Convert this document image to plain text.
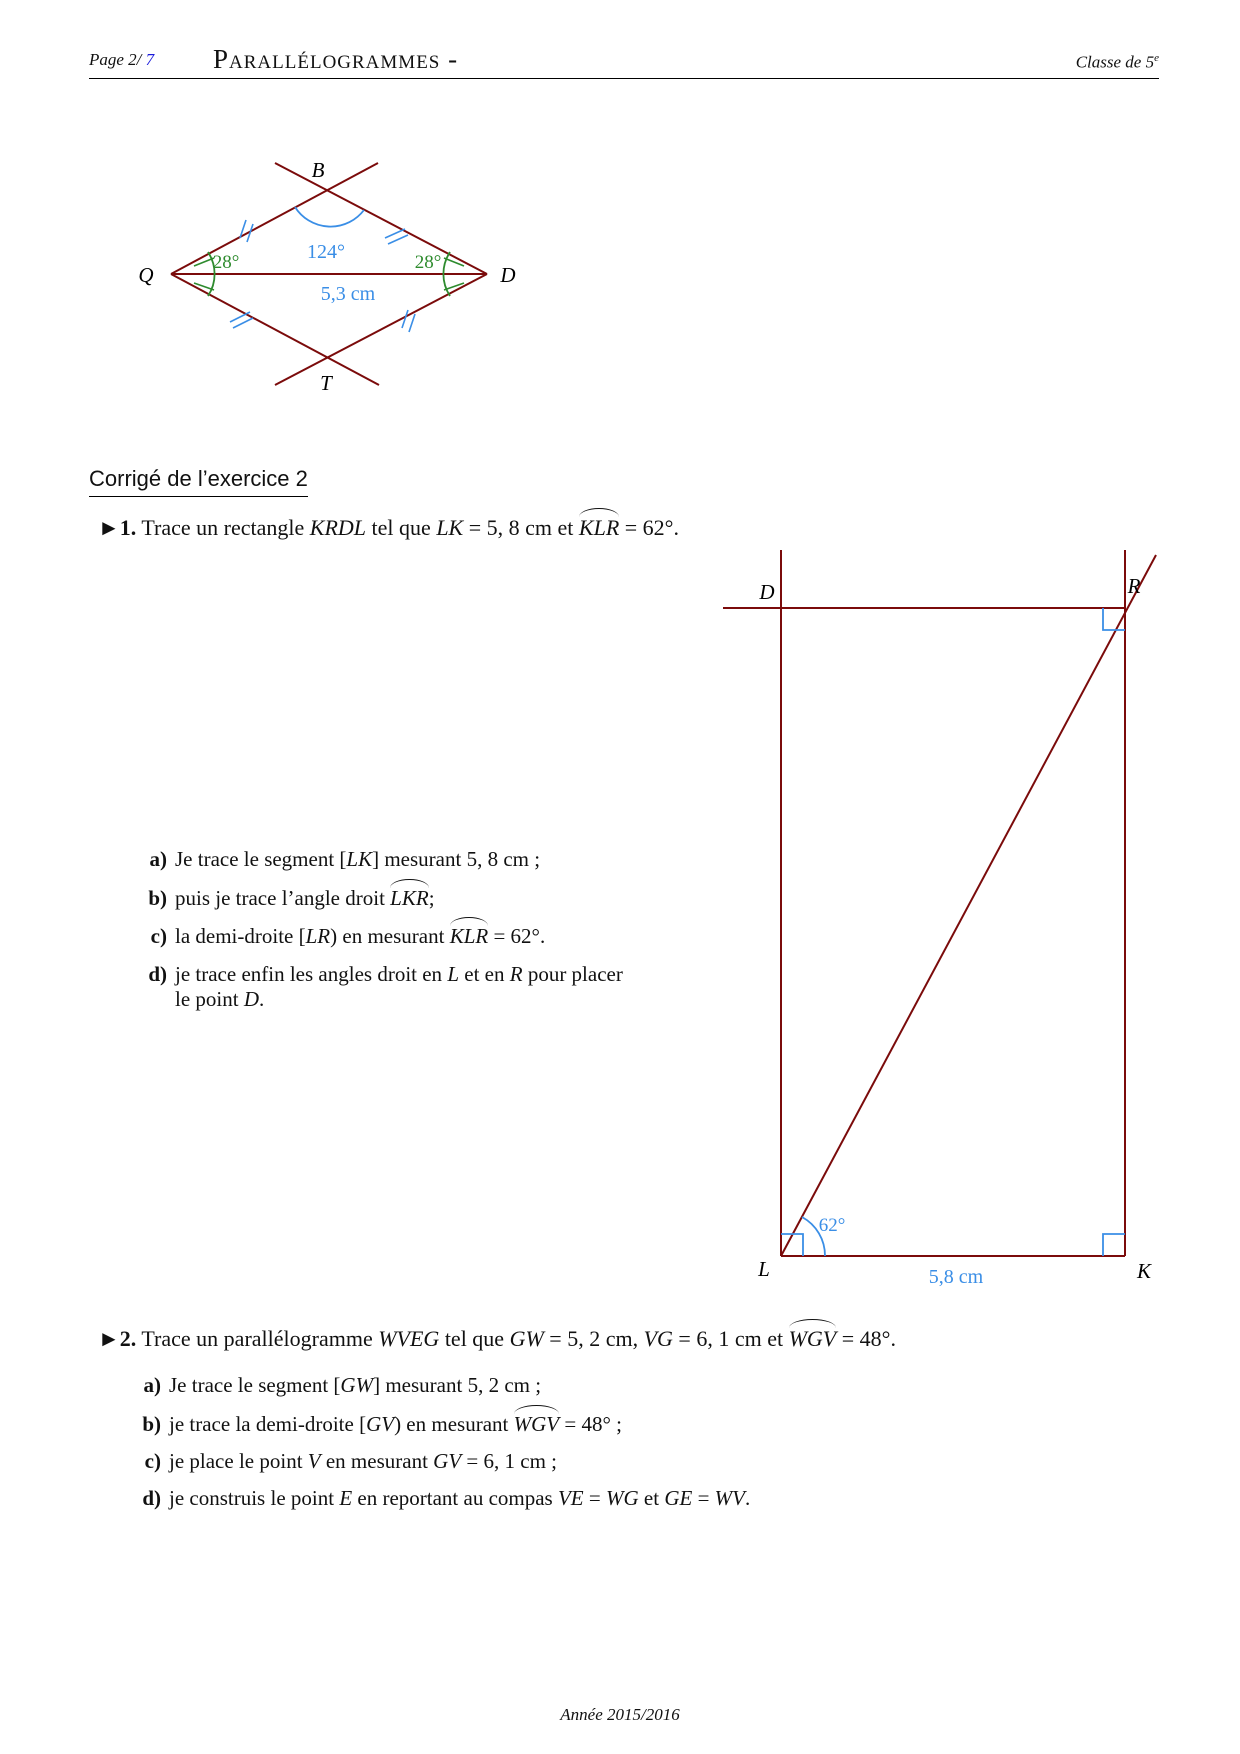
Page 2/ 7 Parallélogrammes -	Classe de 5e
B
Q	D
T
124°
28°	28°
5,3 cm
Corrigé de l’exercice 2
►1. Trace un rectangle KRDL tel que LK = 5, 8 cm et KLR = 62°.
a) Je trace le segment [LK] mesurant 5, 8 cm ;
b) puis je trace l’angle droit LKR;
c) la demi-droite [LR) en mesurant KLR = 62°.
d) je trace enfin les angles droit en L et en R pour placer
le point D.
D	R
L	K
62°
5,8 cm
►2. Trace un parallélogramme WVEG tel que GW = 5, 2 cm, VG = 6, 1 cm et WGV = 48°.
a) Je trace le segment [GW] mesurant 5, 2 cm ;
b) je trace la demi-droite [GV) en mesurant WGV = 48° ;
c) je place le point V en mesurant GV = 6, 1 cm ;
d) je construis le point E en reportant au compas VE = WG et GE = WV.
Année 2015/2016
